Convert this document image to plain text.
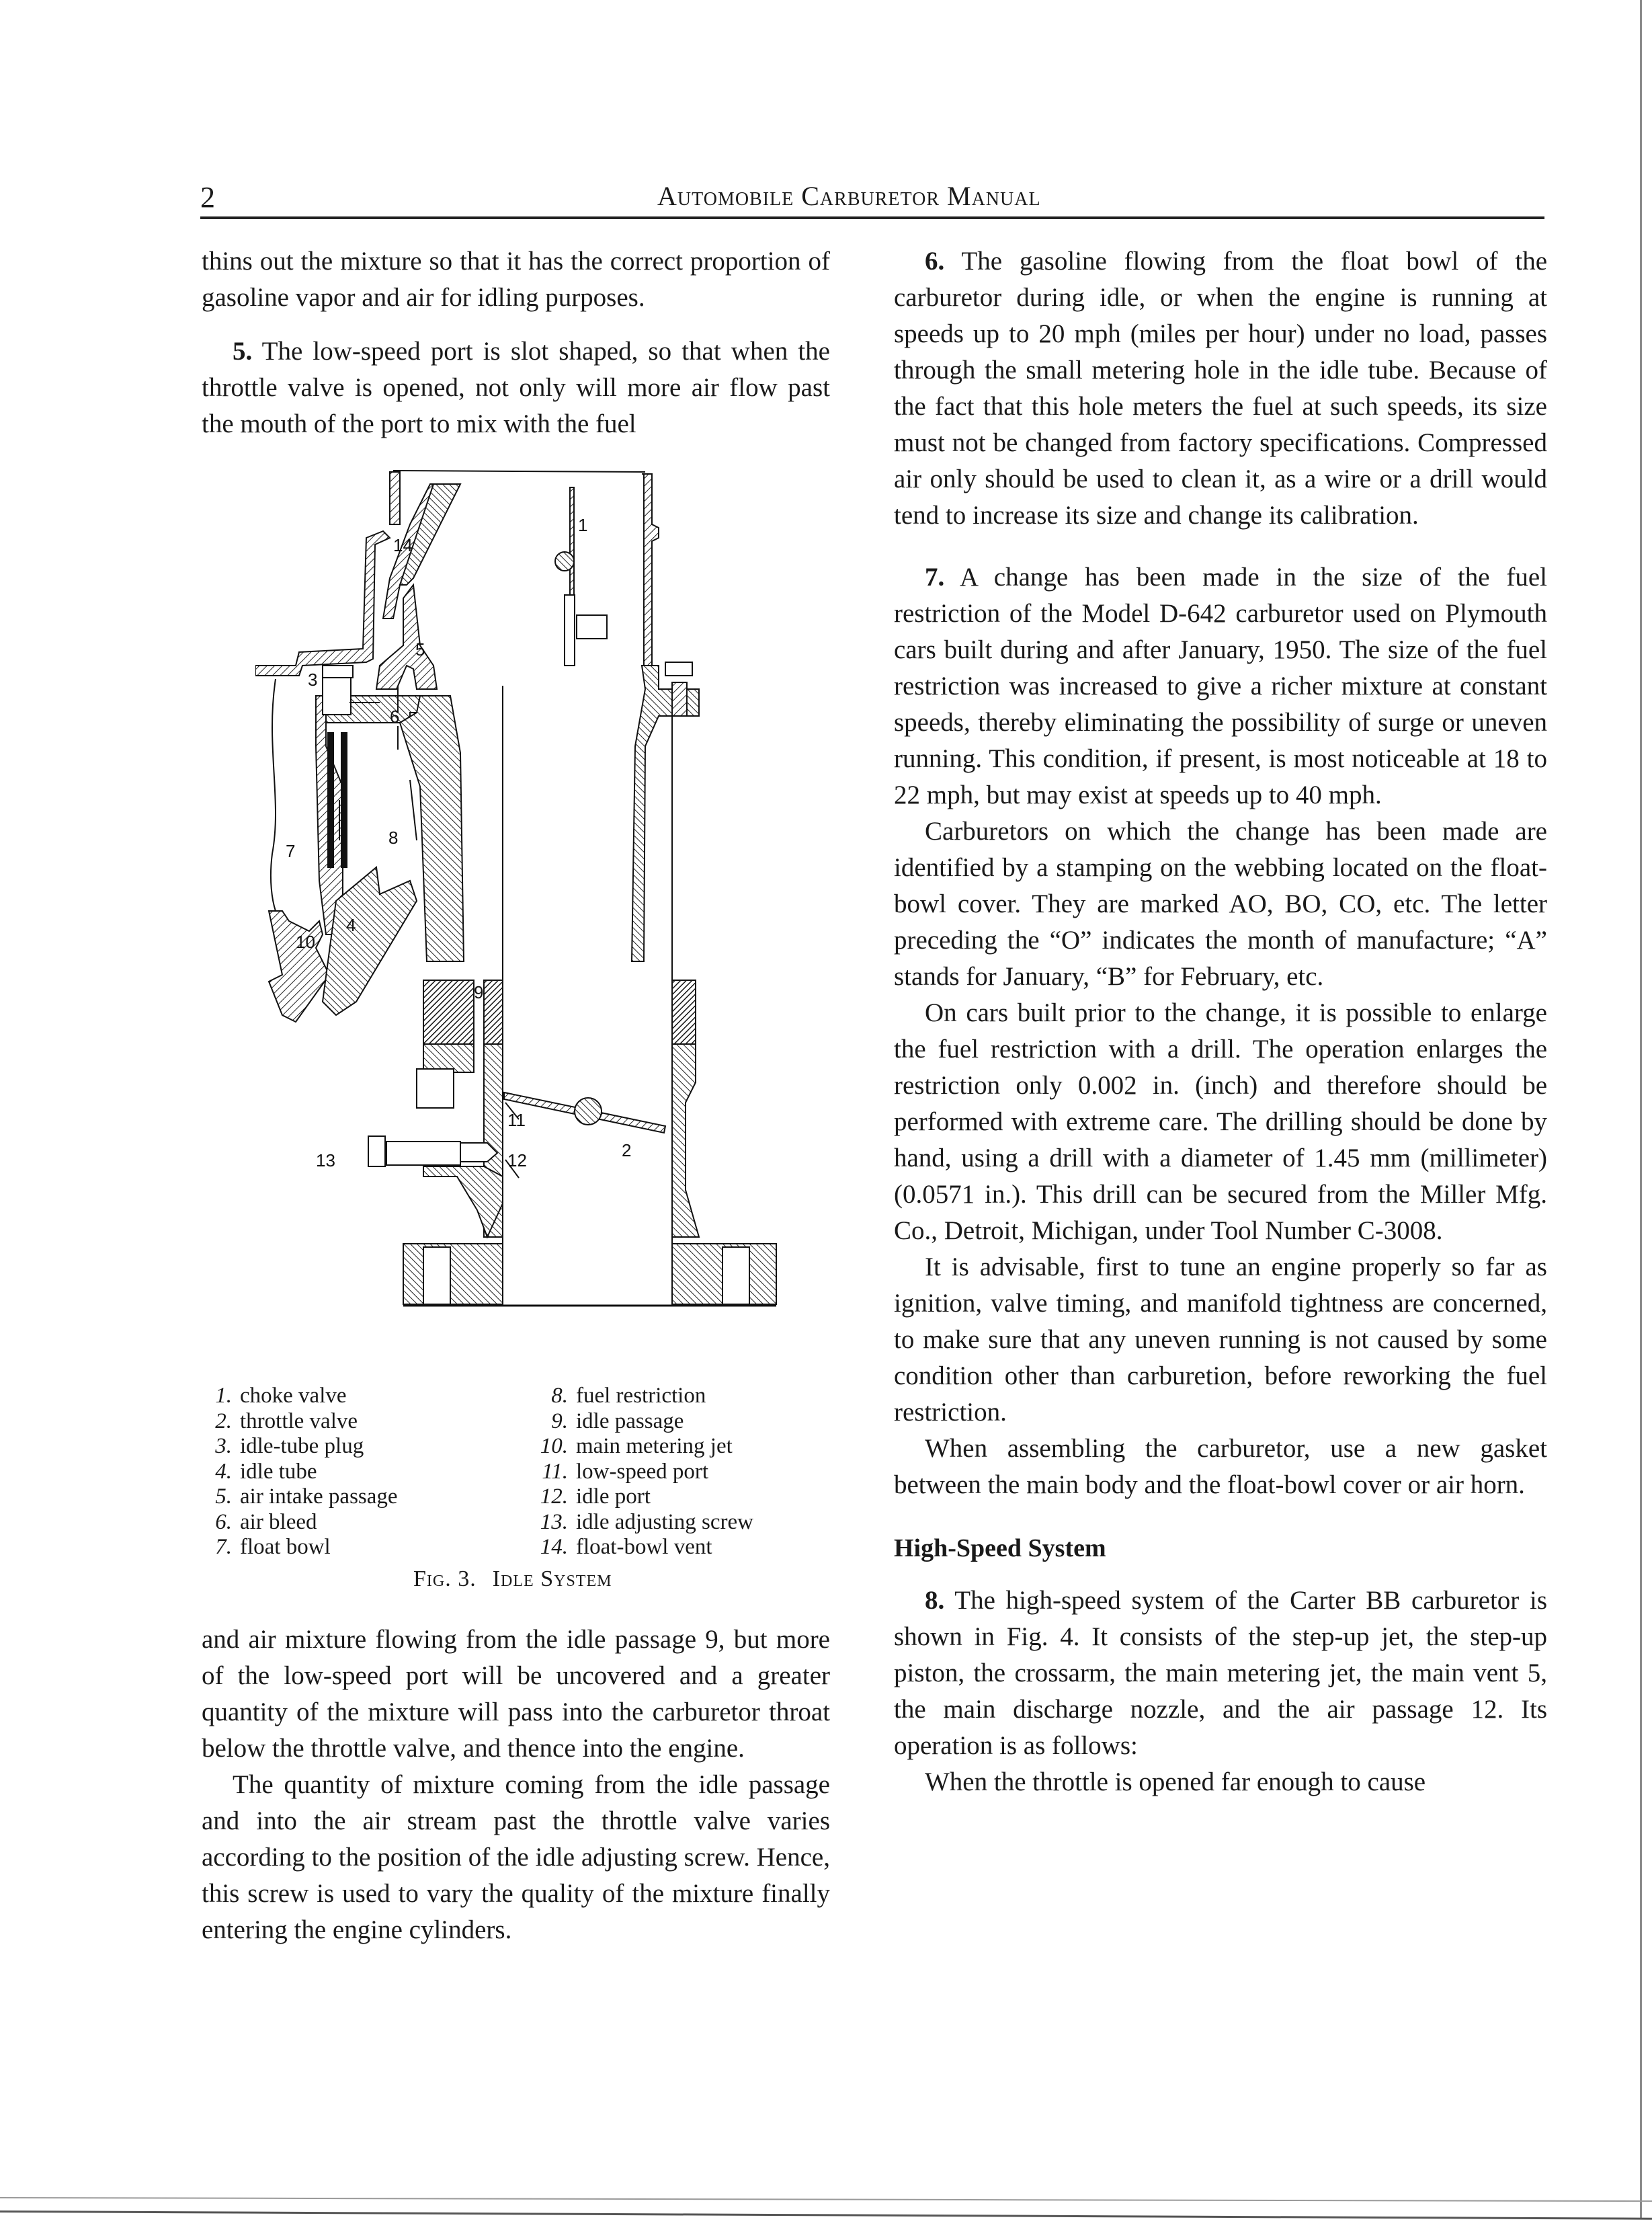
2	Automobile Carburetor Manual

thins out the mixture so that it has the correct proportion of gasoline vapor and air for idling purposes.

5. The low-speed port is slot shaped, so that when the throttle valve is opened, not only will more air flow past the mouth of the port to mix with the fuel

1
2
3
4
5
6
7
8
9
10
11
12
13
14
1. choke valve
2. throttle valve
3. idle-tube plug
4. idle tube
5. air intake passage
6. air bleed
7. float bowl
8. fuel restriction
9. idle passage
10. main metering jet
11. low-speed port
12. idle port
13. idle adjusting screw
14. float-bowl vent
Fig. 3. Idle System

and air mixture flowing from the idle passage 9, but more of the low-speed port will be uncovered and a greater quantity of the mixture will pass into the carburetor throat below the throttle valve, and thence into the engine.

The quantity of mixture coming from the idle passage and into the air stream past the throttle valve varies according to the position of the idle adjusting screw. Hence, this screw is used to vary the quality of the mixture finally entering the engine cylinders.

6. The gasoline flowing from the float bowl of the carburetor during idle, or when the engine is running at speeds up to 20 mph (miles per hour) under no load, passes through the small metering hole in the idle tube. Because of the fact that this hole meters the fuel at such speeds, its size must not be changed from factory specifications. Compressed air only should be used to clean it, as a wire or a drill would tend to increase its size and change its calibration.

7. A change has been made in the size of the fuel restriction of the Model D-642 carburetor used on Plymouth cars built during and after January, 1950. The size of the fuel restriction was increased to give a richer mixture at constant speeds, thereby eliminating the possibility of surge or uneven running. This condition, if present, is most noticeable at 18 to 22 mph, but may exist at speeds up to 40 mph.

Carburetors on which the change has been made are identified by a stamping on the webbing located on the float-bowl cover. They are marked AO, BO, CO, etc. The letter preceding the “O” indicates the month of manufacture; “A” stands for January, “B” for February, etc.

On cars built prior to the change, it is possible to enlarge the fuel restriction with a drill. The operation enlarges the restriction only 0.002 in. (inch) and therefore should be performed with extreme care. The drilling should be done by hand, using a drill with a diameter of 1.45 mm (millimeter) (0.0571 in.). This drill can be secured from the Miller Mfg. Co., Detroit, Michigan, under Tool Number C-3008.

It is advisable, first to tune an engine properly so far as ignition, valve timing, and manifold tightness are concerned, to make sure that any uneven running is not caused by some condition other than carburetion, before reworking the fuel restriction.

When assembling the carburetor, use a new gasket between the main body and the float-bowl cover or air horn.

High-Speed System

8. The high-speed system of the Carter BB carburetor is shown in Fig. 4. It consists of the step-up jet, the step-up piston, the crossarm, the main metering jet, the main vent 5, the main discharge nozzle, and the air passage 12. Its operation is as follows:

When the throttle is opened far enough to cause
